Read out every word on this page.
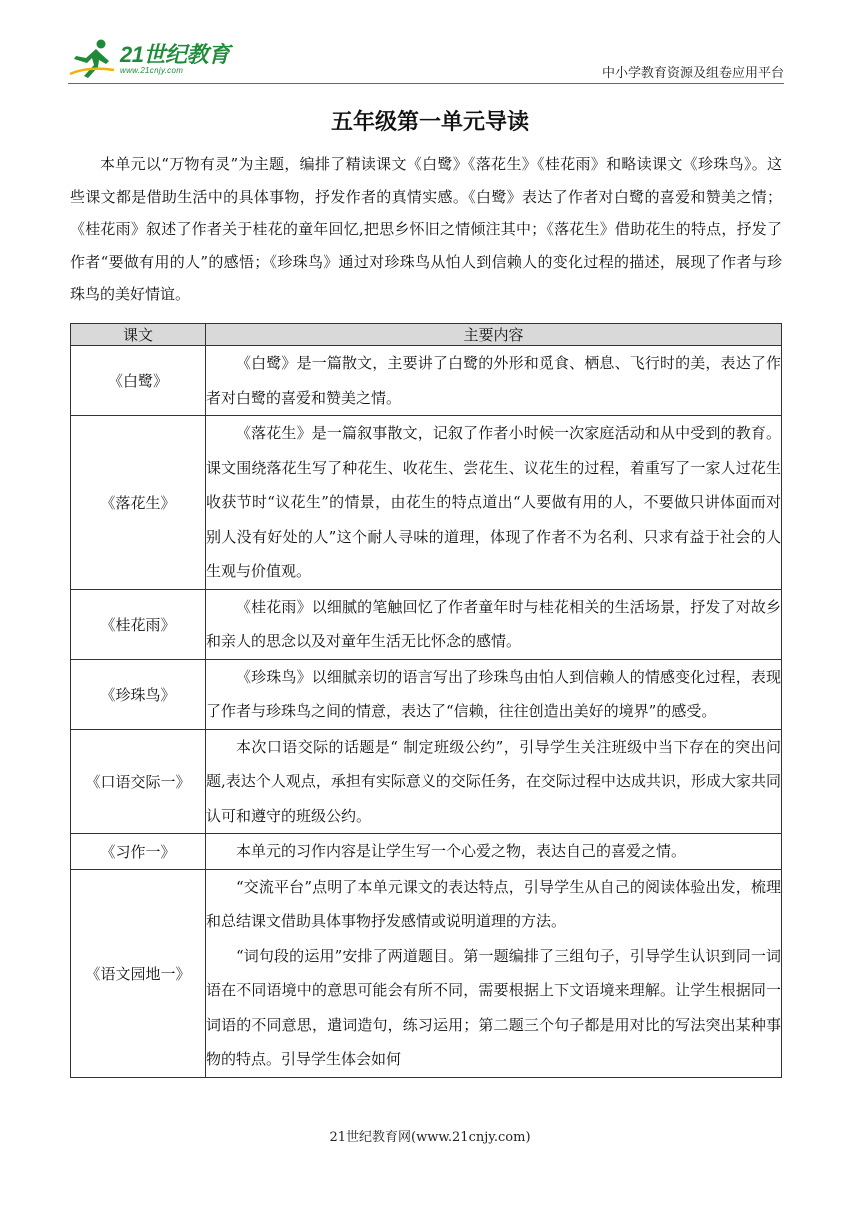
21世纪教育
www.21cnjy.com	中小学教育资源及组卷应用平台
五年级第一单元导读

本单元以“万物有灵”为主题，编排了精读课文《白鹭》《落花生》《桂花雨》和略读课文《珍珠鸟》。这些课文都是借助生活中的具体事物，抒发作者的真情实感。《白鹭》表达了作者对白鹭的喜爱和赞美之情；《桂花雨》叙述了作者关于桂花的童年回忆,把思乡怀旧之情倾注其中；《落花生》借助花生的特点，抒发了作者“要做有用的人”的感悟；《珍珠鸟》通过对珍珠鸟从怕人到信赖人的变化过程的描述，展现了作者与珍珠鸟的美好情谊。

课文	主要内容
《白鹭》	《白鹭》是一篇散文，主要讲了白鹭的外形和觅食、栖息、飞行时的美，表达了作者对白鹭的喜爱和赞美之情。

《落花生》	《落花生》是一篇叙事散文，记叙了作者小时候一次家庭活动和从中受到的教育。课文围绕落花生写了种花生、收花生、尝花生、议花生的过程，着重写了一家人过花生收获节时“议花生”的情景，由花生的特点道出“人要做有用的人，不要做只讲体面而对别人没有好处的人”这个耐人寻味的道理，体现了作者不为名利、只求有益于社会的人生观与价值观。

《桂花雨》	《桂花雨》以细腻的笔触回忆了作者童年时与桂花相关的生活场景，抒发了对故乡和亲人的思念以及对童年生活无比怀念的感情。

《珍珠鸟》	《珍珠鸟》以细腻亲切的语言写出了珍珠鸟由怕人到信赖人的情感变化过程，表现了作者与珍珠鸟之间的情意，表达了“信赖，往往创造出美好的境界”的感受。

《口语交际一》	本次口语交际的话题是“ 制定班级公约”，引导学生关注班级中当下存在的突出问题,表达个人观点，承担有实际意义的交际任务，在交际过程中达成共识，形成大家共同认可和遵守的班级公约。

《习作一》	本单元的习作内容是让学生写一个心爱之物，表达自己的喜爱之情。

《语文园地一》	“交流平台”点明了本单元课文的表达特点，引导学生从自己的阅读体验出发，梳理和总结课文借助具体事物抒发感情或说明道理的方法。

“词句段的运用”安排了两道题目。第一题编排了三组句子，引导学生认识到同一词语在不同语境中的意思可能会有所不同，需要根据上下文语境来理解。让学生根据同一词语的不同意思，遣词造句，练习运用；第二题三个句子都是用对比的写法突出某种事物的特点。引导学生体会如何

21世纪教育网(www.21cnjy.com)
